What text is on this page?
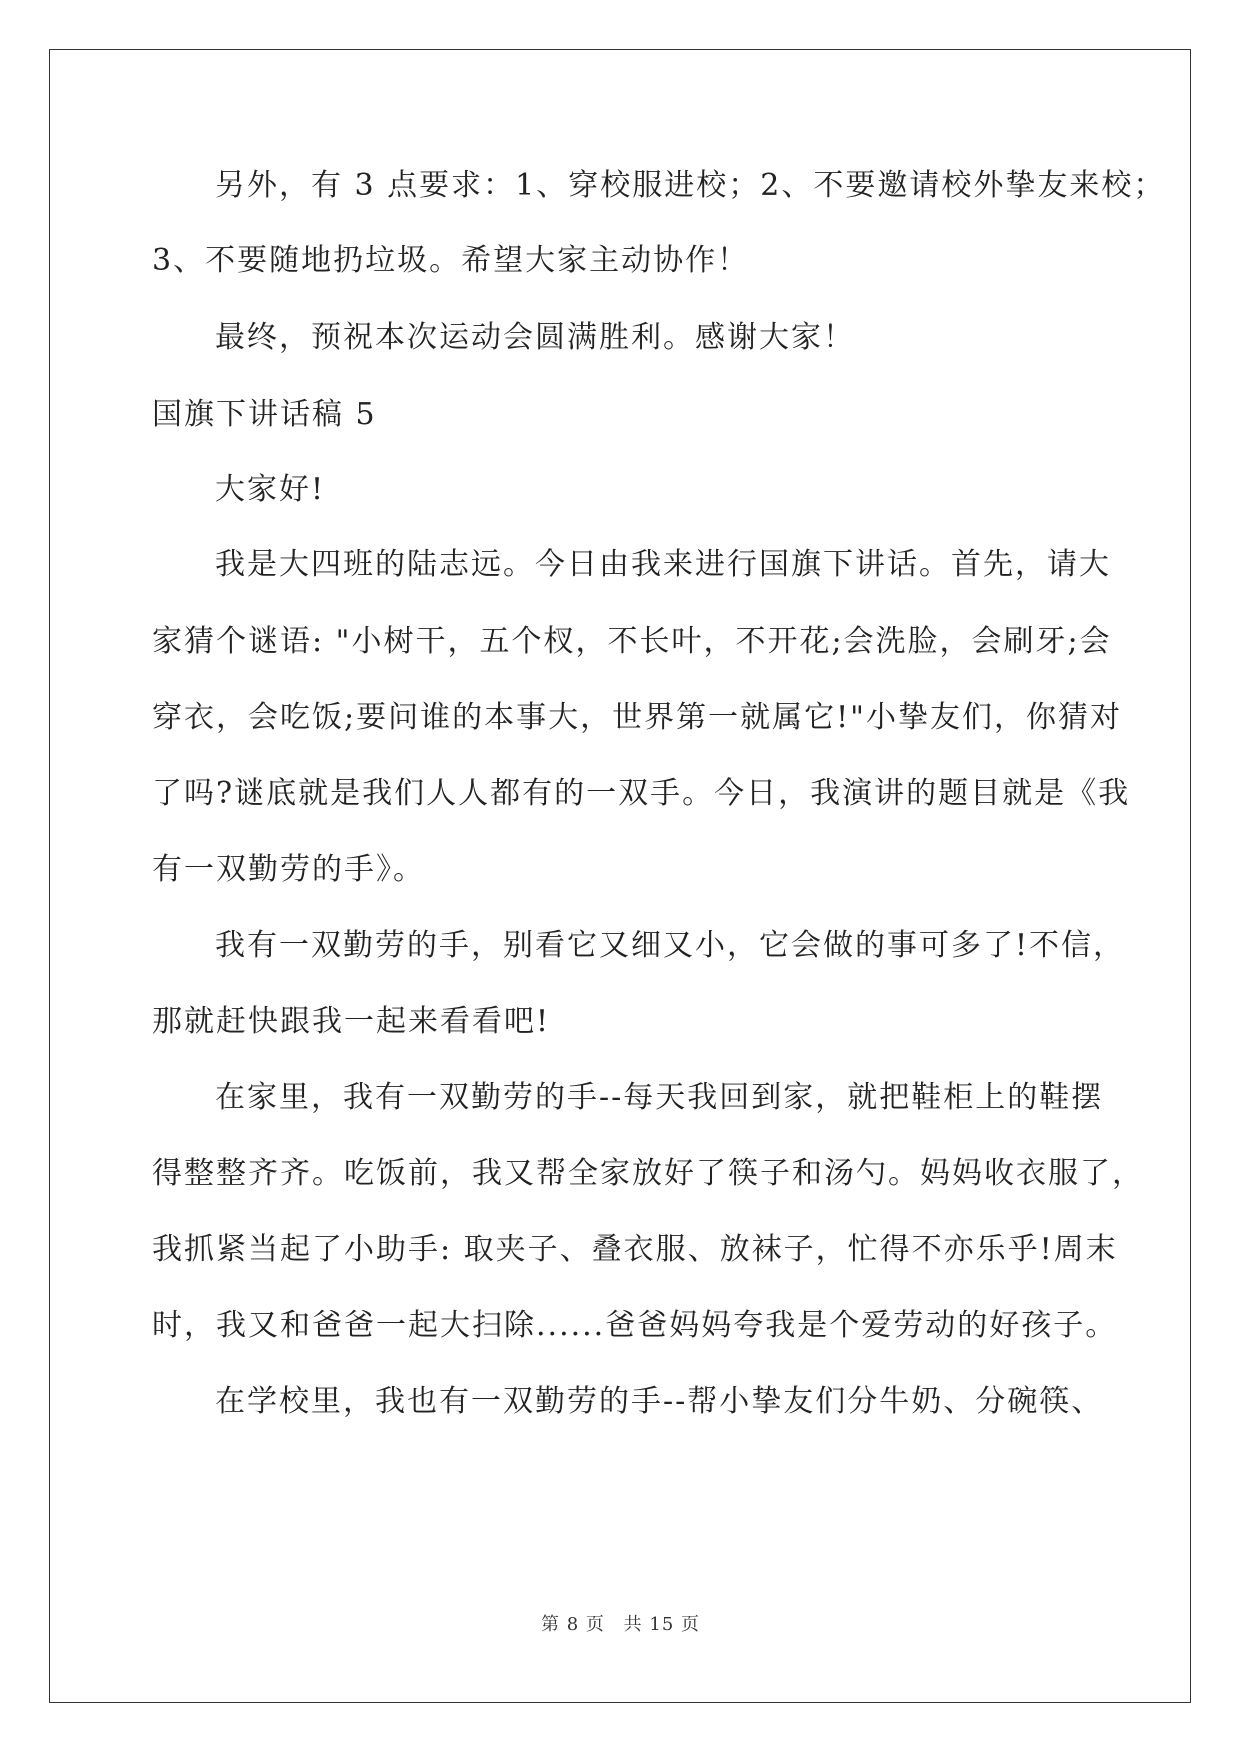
另外，有 3 点要求：1、穿校服进校；2、不要邀请校外挚友来校；
3、不要随地扔垃圾。希望大家主动协作！
最终，预祝本次运动会圆满胜利。感谢大家！
国旗下讲话稿 5
大家好!
我是大四班的陆志远。今日由我来进行国旗下讲话。首先，请大
家猜个谜语: "小树干，五个杈，不长叶，不开花;会洗脸，会刷牙;会
穿衣，会吃饭;要问谁的本事大，世界第一就属它!"小挚友们，你猜对
了吗?谜底就是我们人人都有的一双手。今日，我演讲的题目就是《我
有一双勤劳的手》。
我有一双勤劳的手，别看它又细又小，它会做的事可多了!不信，
那就赶快跟我一起来看看吧!
在家里，我有一双勤劳的手--每天我回到家，就把鞋柜上的鞋摆
得整整齐齐。吃饭前，我又帮全家放好了筷子和汤勺。妈妈收衣服了，
我抓紧当起了小助手: 取夹子、叠衣服、放袜子，忙得不亦乐乎!周末
时，我又和爸爸一起大扫除......爸爸妈妈夸我是个爱劳动的好孩子。
在学校里，我也有一双勤劳的手--帮小挚友们分牛奶、分碗筷、
第 8 页 共 15 页
